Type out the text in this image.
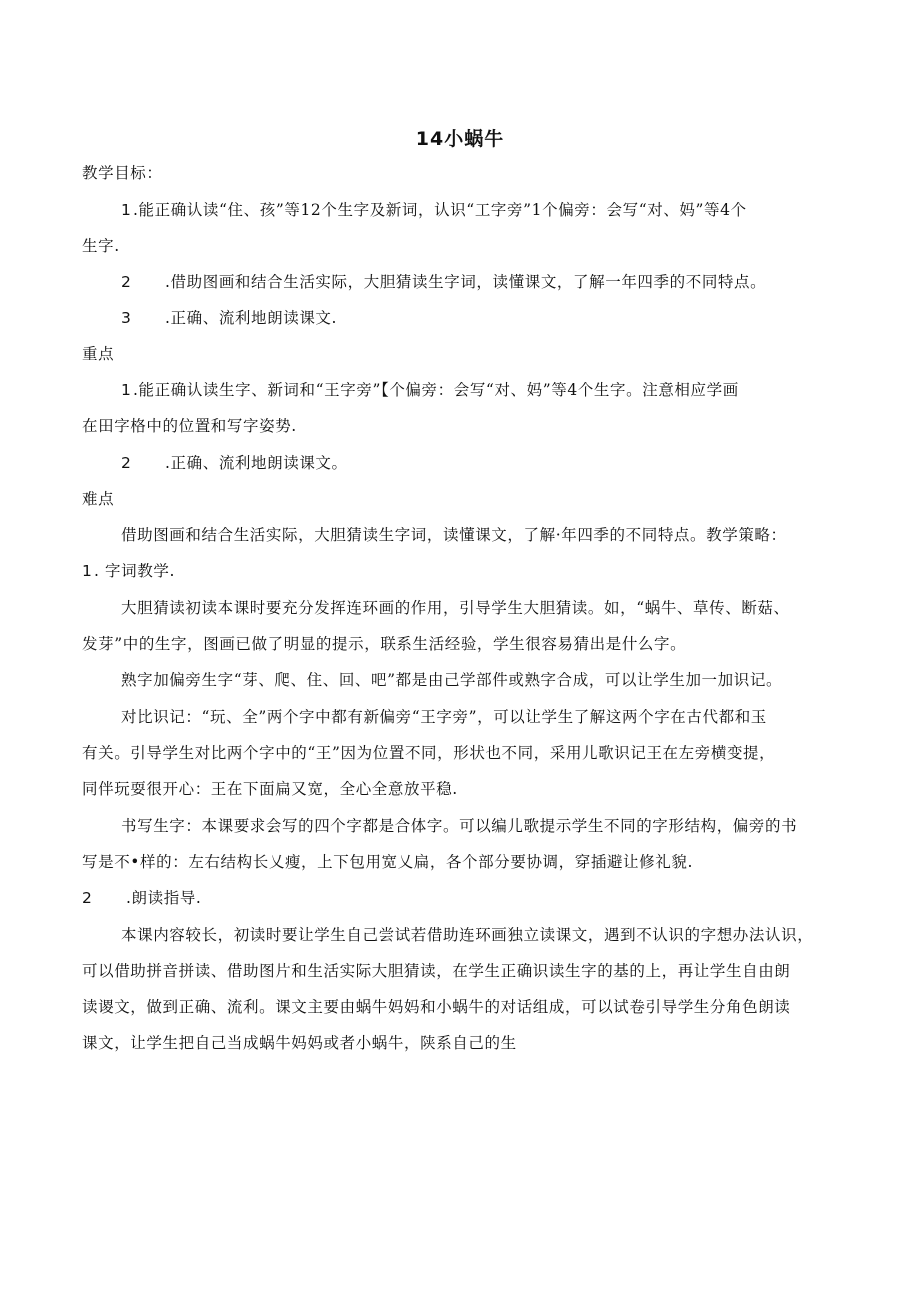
14小蜗牛
教学目标：
1.能正确认读“住、孩”等12个生字及新词，认识“工字旁”1个偏旁：会写“对、妈”等4个
生字.
2 .借助图画和结合生活实际，大胆猜读生字词，读懂课文，了解一年四季的不同特点。
3 .正确、流利地朗读课文.
重点
1.能正确认读生字、新词和“王字旁”【个偏旁：会写“对、妈”等4个生字。注意相应学画
在田字格中的位置和写字姿势.
2 .正确、流利地朗读课文。
难点
借助图画和结合生活实际，大胆猜读生字词，读懂课文，了解·年四季的不同特点。教学策略：
1. 字词教学.
大胆猜读初读本课时要充分发挥连环画的作用，引导学生大胆猜读。如，“蜗牛、草传、断菇、
发芽”中的生字，图画已做了明显的提示，联系生活经验，学生很容易猜出是什么字。
熟字加偏旁生字“芽、爬、住、回、吧”都是由己学部件或熟字合成，可以让学生加一加识记。
对比识记：“玩、全”两个字中都有新偏旁“王字旁”，可以让学生了解这两个字在古代都和玉
有关。引导学生对比两个字中的“王”因为位置不同，形状也不同，采用儿歌识记王在左旁横变提，
同伴玩耍很开心：王在下面扁又宽，全心全意放平稳.
书写生字：本课要求会写的四个字都是合体字。可以编儿歌提示学生不同的字形结构，偏旁的书
写是不•样的：左右结构长乂瘦，上下包用宽乂扁，各个部分要协调，穿插避让修礼貌.
2 .朗读指导.
本课内容较长，初读时要让学生自己尝试若借助连环画独立读课文，遇到不认识的字想办法认识，
可以借助拼音拼读、借助图片和生活实际大胆猜读，在学生正确识读生字的基的上，再让学生自由朗
读谡文，做到正确、流利。课文主要由蜗牛妈妈和小蜗牛的对话组成，可以试卷引导学生分角色朗读
课文，让学生把自己当成蜗牛妈妈或者小蜗牛，陕系自己的生
